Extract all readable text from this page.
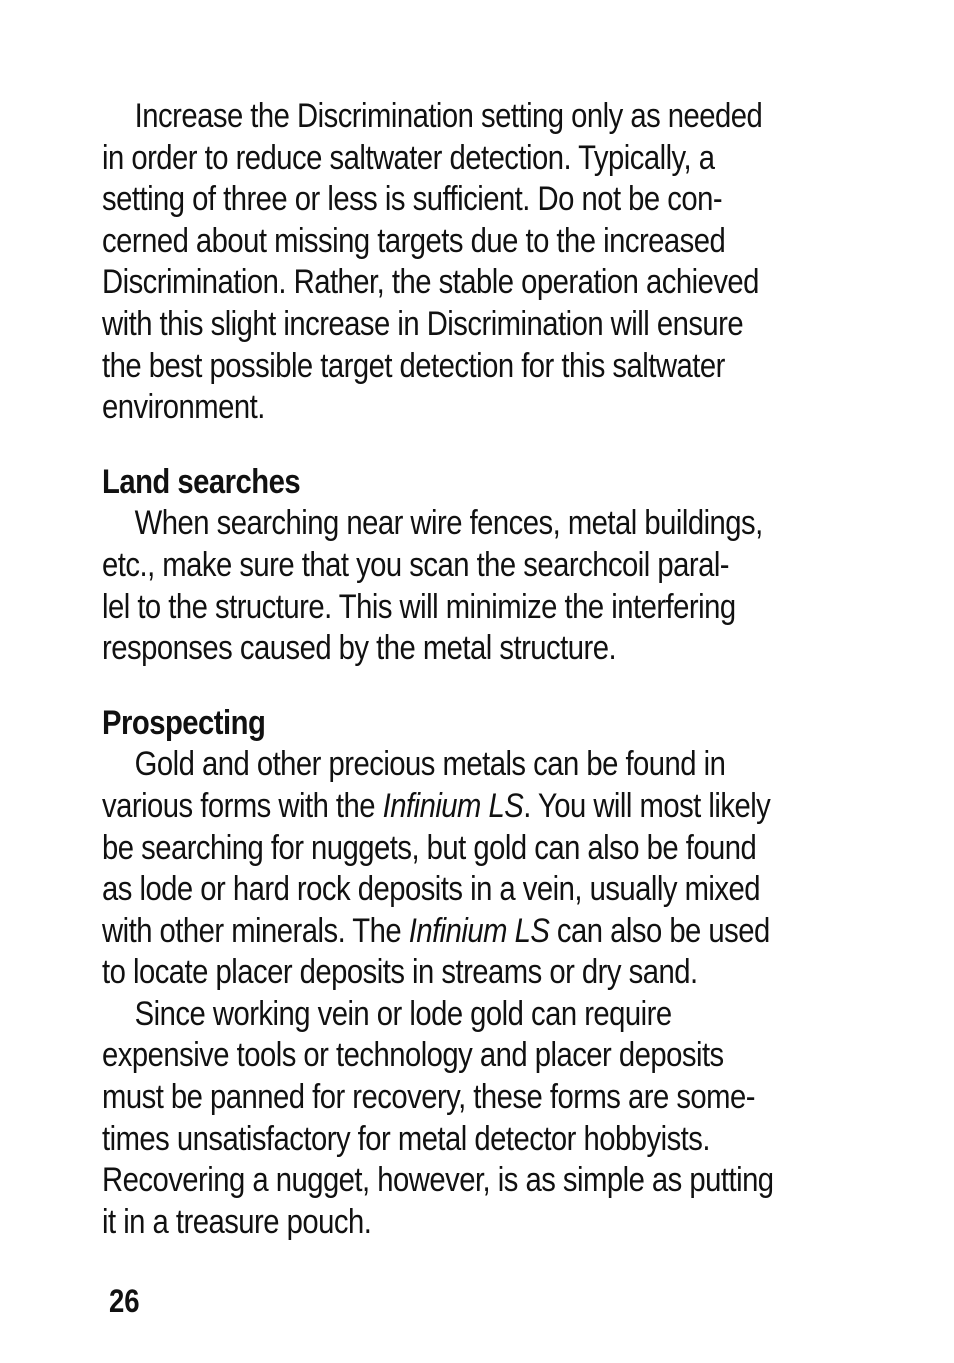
Increase the Discrimination setting only as needed
in order to reduce saltwater detection. Typically, a
setting of three or less is sufficient. Do not be con-
cerned about missing targets due to the increased
Discrimination. Rather, the stable operation achieved
with this slight increase in Discrimination will ensure
the best possible target detection for this saltwater
environment.
Land searches
When searching near wire fences, metal buildings,
etc., make sure that you scan the searchcoil paral-
lel to the structure. This will minimize the interfering
responses caused by the metal structure.
Prospecting
Gold and other precious metals can be found in
various forms with the Infinium LS. You will most likely
be searching for nuggets, but gold can also be found
as lode or hard rock deposits in a vein, usually mixed
with other minerals. The Infinium LS can also be used
to locate placer deposits in streams or dry sand.
Since working vein or lode gold can require
expensive tools or technology and placer deposits
must be panned for recovery, these forms are some-
times unsatisfactory for metal detector hobbyists.
Recovering a nugget, however, is as simple as putting
it in a treasure pouch.
26
